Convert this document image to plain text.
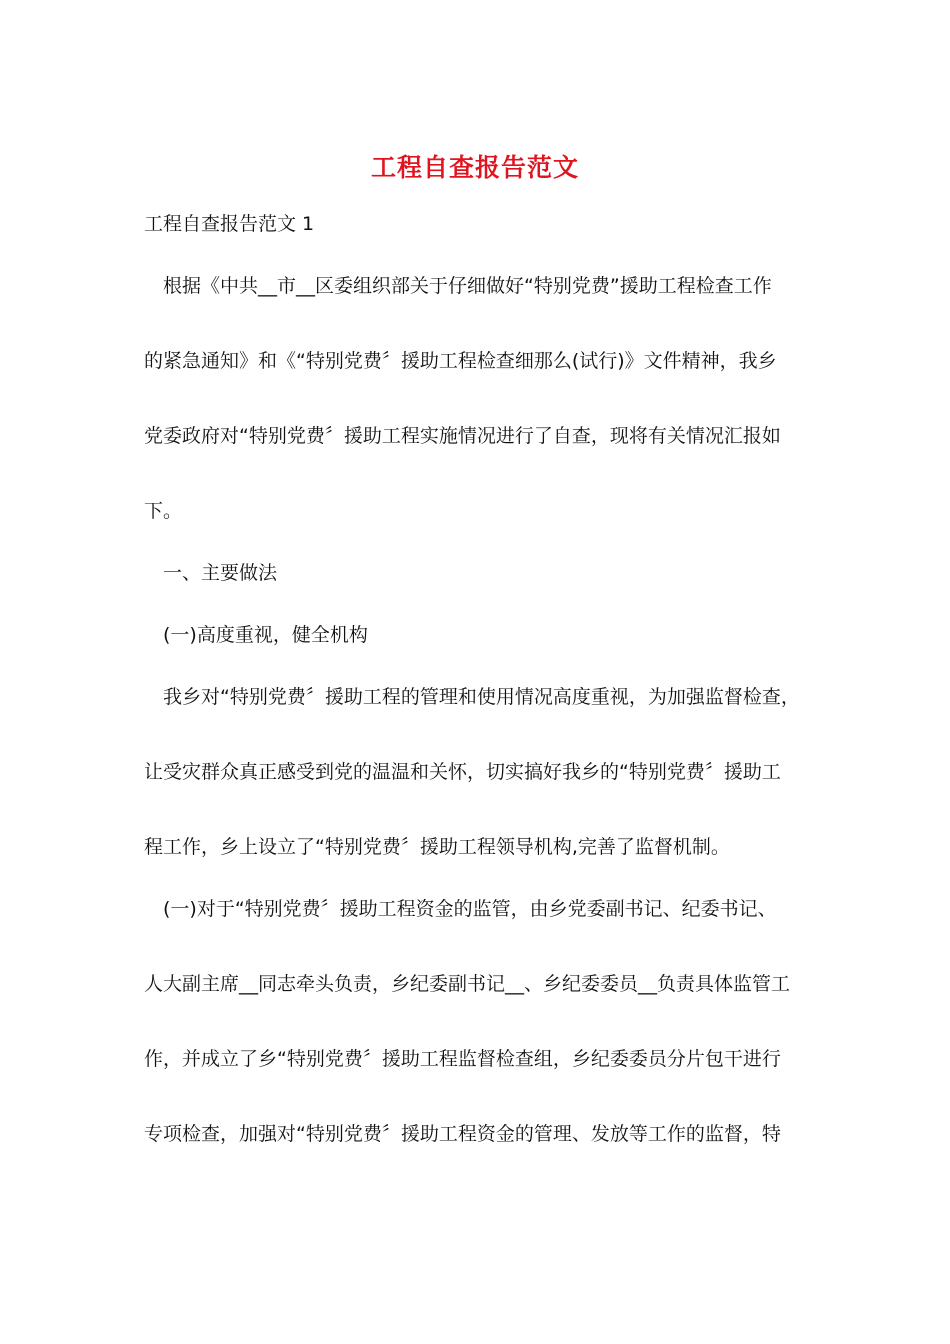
工程自查报告范文
工程自查报告范文 1
根据《中共__市__区委组织部关于仔细做好“特别党费”援助工程检查工作
的紧急通知》和《“特别党费〞援助工程检查细那么(试行)》文件精神，我乡
党委政府对“特别党费〞援助工程实施情况进行了自查，现将有关情况汇报如
下。
一、主要做法
(一)高度重视，健全机构
我乡对“特别党费〞援助工程的管理和使用情况高度重视，为加强监督检查，
让受灾群众真正感受到党的温温和关怀，切实搞好我乡的“特别党费〞援助工
程工作，乡上设立了“特别党费〞援助工程领导机构,完善了监督机制。
(一)对于“特别党费〞援助工程资金的监管，由乡党委副书记、纪委书记、
人大副主席__同志牵头负责，乡纪委副书记__、乡纪委委员__负责具体监管工
作，并成立了乡“特别党费〞援助工程监督检查组，乡纪委委员分片包干进行
专项检查，加强对“特别党费〞援助工程资金的管理、发放等工作的监督，特
